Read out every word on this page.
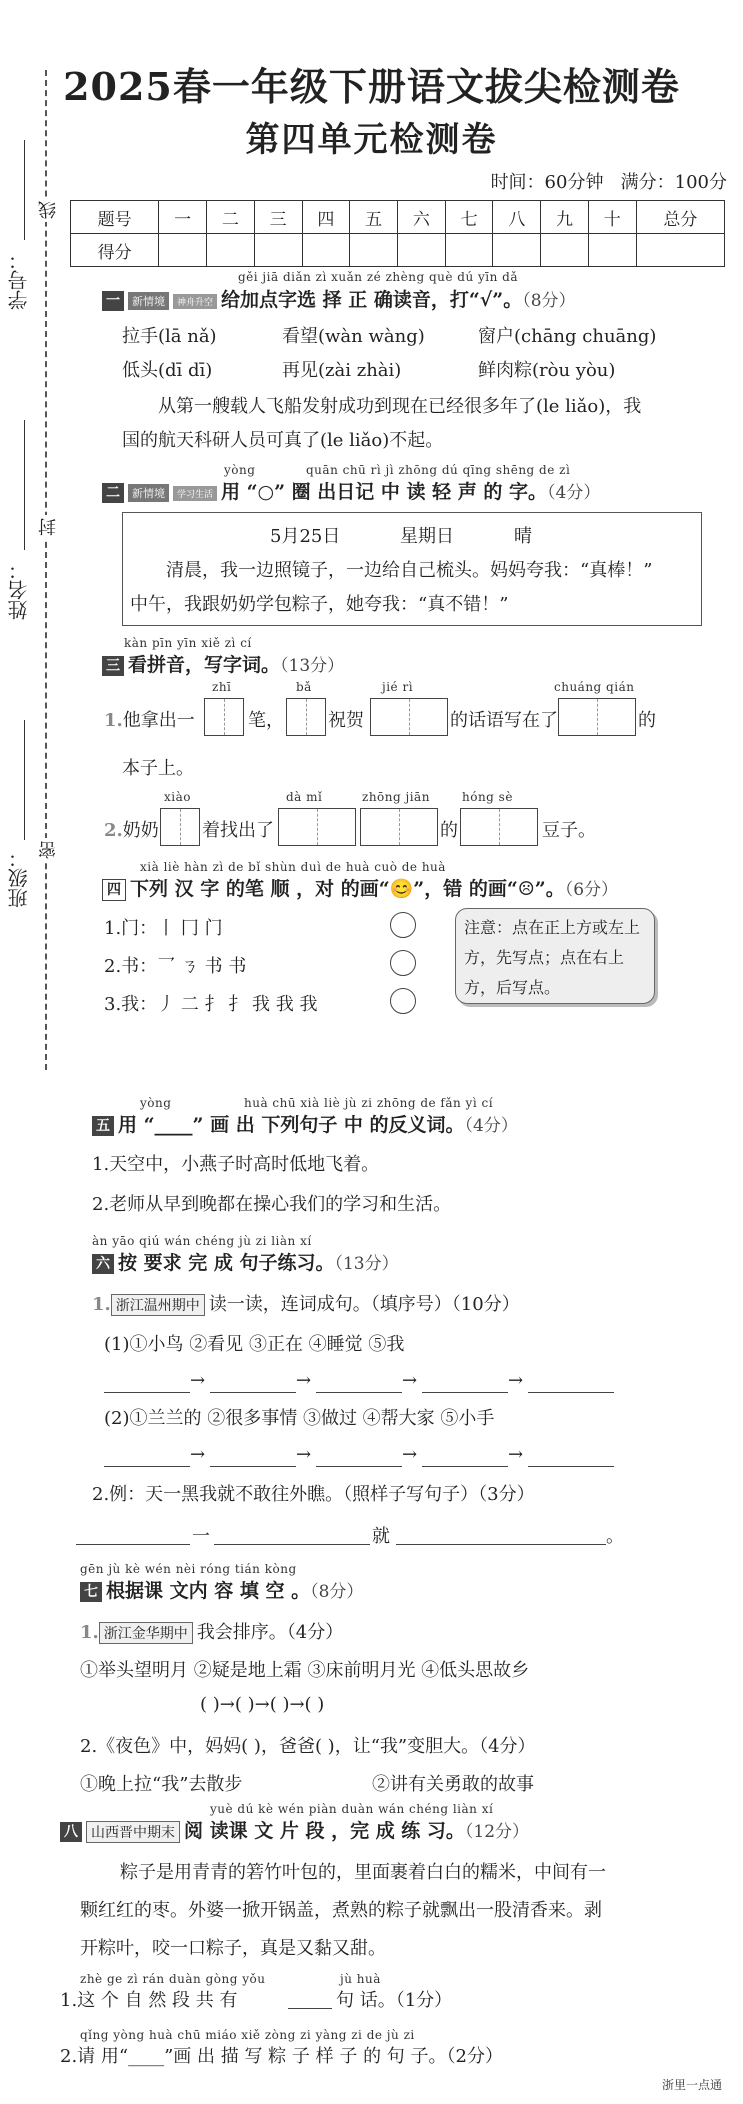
2025春一年级下册语文拔尖检测卷
第四单元检测卷
时间：60分钟 满分：100分
题号	一	二	三	四	五	六	七	八	九	十	总分
得分											
学号：
线
姓名：
封
班级： 密
gěi jiā diǎn zì xuǎn zé zhèng què dú yīn dǎ
一 新情境 神舟升空 给加点字选 择 正 确读音，打“√”。（8分）
拉手(lā nǎ)	看望(wàn wàng)	窗户(chāng chuāng)
低头(dī dī)	再见(zài zhài)	鲜肉粽(ròu yòu)
从第一艘载人飞船发射成功到现在已经很多年了(le liǎo)，我
国的航天科研人员可真了(le liǎo)不起。
yòng	quān chū rì jì zhōng dú qīng shēng de zì
二 新情境 学习生活 用 “○” 圈 出日记 中 读 轻 声 的 字。（4分）
5月25日	星期日	晴
清晨，我一边照镜子，一边给自己梳头。妈妈夸我：“真棒！”
中午，我跟奶奶学包粽子，她夸我：“真不错！”
kàn pīn yīn xiě zì cí
三 看拼音，写字词。（13分）
zhī	bǎ	jié rì	chuáng qián
1.他拿出一	笔， 祝贺	的话语写在了	的
本子上。
xiào	dà mǐ	zhōng jiān	hóng sè
2.奶奶 着找出了	的	豆子。
xià liè hàn zì de bǐ shùn duì de huà cuò de huà
四 下列 汉 字 的笔 顺 ，对 的画“😊”，错 的画“☹”。（6分）
1.门：丨 冂 门
2.书：乛 ㄋ 书 书
3.我：丿 二 扌 扌 我 我 我
注意：点在正上方或左上方，先写点；点在右上方，后写点。
yòng	huà chū xià liè jù zi zhōng de fǎn yì cí
五 用 “____” 画 出 下列句子 中 的反义词。（4分）
1.天空中，小燕子时高时低地飞着。
2.老师从早到晚都在操心我们的学习和生活。
àn yāo qiú wán chéng jù zi liàn xí
六 按 要求 完 成 句子练习。（13分）
1. 浙江温州期中 读一读，连词成句。（填序号）（10分）
(1)①小鸟 ②看见 ③正在 ④睡觉 ⑤我
→	→	→	→
(2)①兰兰的 ②很多事情 ③做过 ④帮大家 ⑤小手
→	→	→	→
2.例：天一黑我就不敢往外瞧。（照样子写句子）（3分）
一	就	。
gēn jù kè wén nèi róng tián kòng
七 根据课 文内 容 填 空 。（8分）
1. 浙江金华期中 我会排序。（4分）
①举头望明月 ②疑是地上霜 ③床前明月光 ④低头思故乡
( )→( )→( )→( )
2.《夜色》中，妈妈( )，爸爸( )，让“我”变胆大。（4分）
①晚上拉“我”去散步	②讲有关勇敢的故事
yuè dú kè wén piàn duàn wán chéng liàn xí
八 山西晋中期末 阅 读课 文 片 段 ，完 成 练 习。（12分）
粽子是用青青的箬竹叶包的，里面裹着白白的糯米，中间有一
颗红红的枣。外婆一掀开锅盖，煮熟的粽子就飘出一股清香来。剥
开粽叶，咬一口粽子，真是又黏又甜。
zhè ge zì rán duàn gòng yǒu	jù huà
1.这 个 自 然 段 共 有	句 话。（1分）
qǐng yòng huà chū miáo xiě zòng zi yàng zi de jù zi
2.请 用“____”画 出 描 写 粽 子 样 子 的 句 子。（2分）
浙里一点通
